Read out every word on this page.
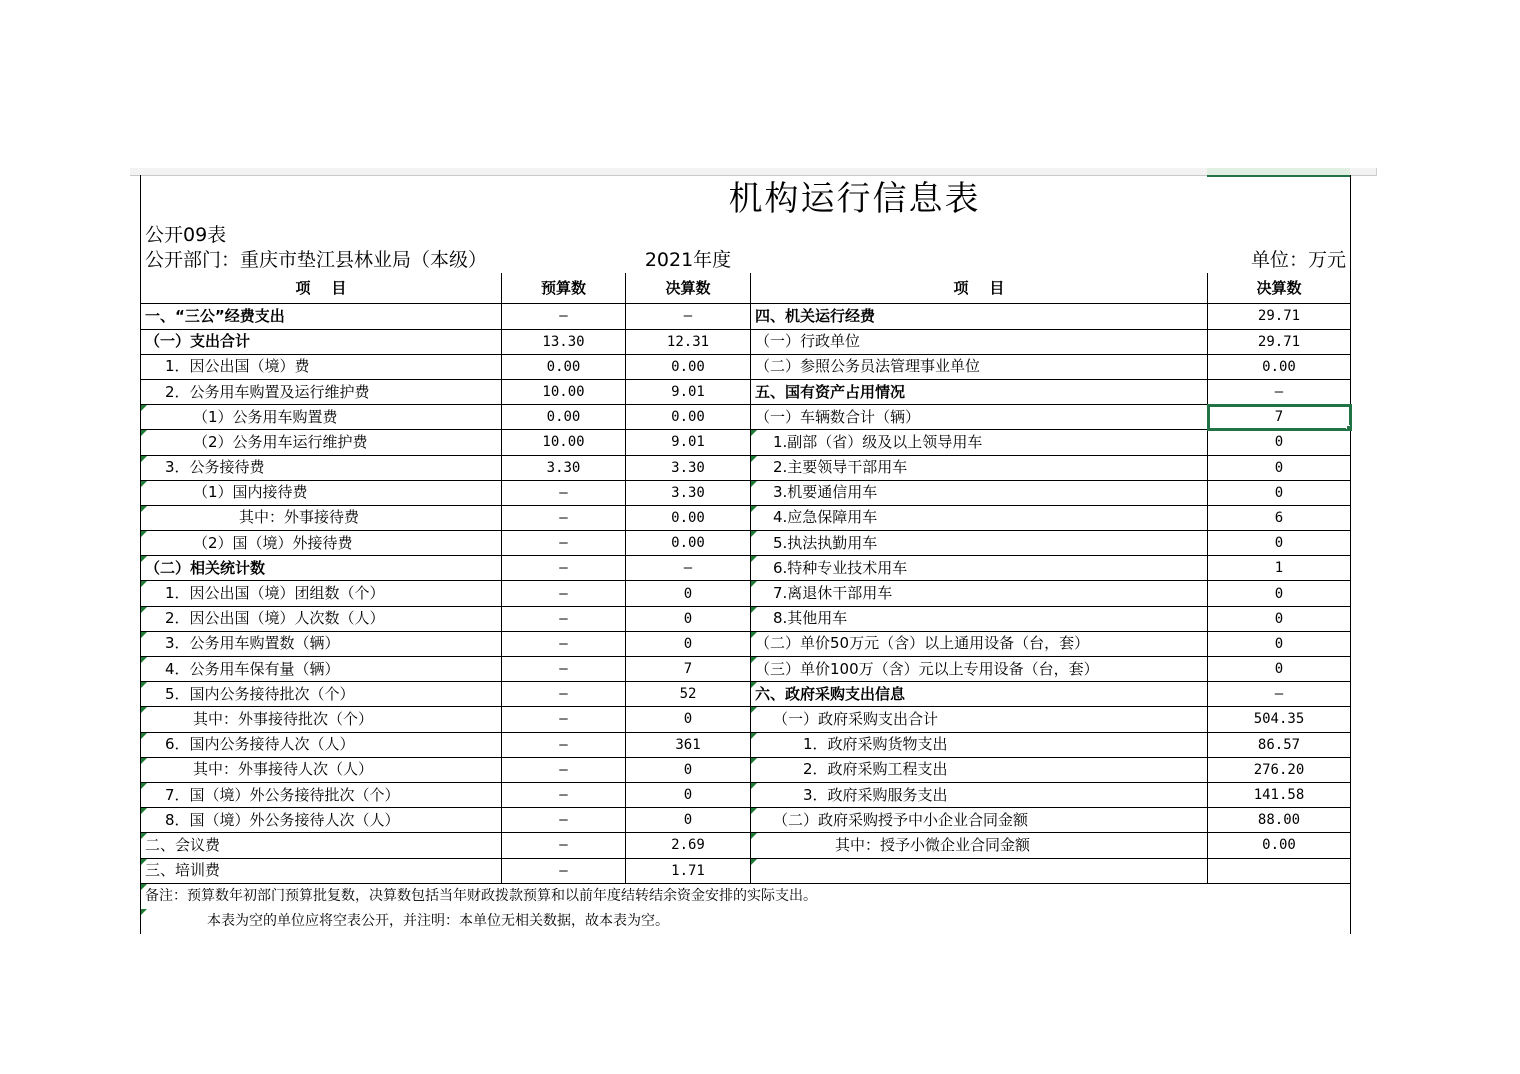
	机构运行信息表			
公开09表				
公开部门：重庆市垫江县林业局（本级）		2021年度		单位：万元
项    目	预算数	决算数	项    目	决算数
一、“三公”经费支出	—	—	四、机关运行经费	29.71
（一）支出合计	13.30	12.31	（一）行政单位	29.71
1．因公出国（境）费	0.00	0.00	（二）参照公务员法管理事业单位	0.00
2．公务用车购置及运行维护费	10.00	9.01	五、国有资产占用情况	—
（1）公务用车购置费	0.00	0.00	（一）车辆数合计（辆）	7
（2）公务用车运行维护费	10.00	9.01	1.副部（省）级及以上领导用车	0
3．公务接待费	3.30	3.30	2.主要领导干部用车	0
（1）国内接待费	—	3.30	3.机要通信用车	0
其中：外事接待费	—	0.00	4.应急保障用车	6
（2）国（境）外接待费	—	0.00	5.执法执勤用车	0
（二）相关统计数	—	—	6.特种专业技术用车	1
1．因公出国（境）团组数（个）	—	0	7.离退休干部用车	0
2．因公出国（境）人次数（人）	—	0	8.其他用车	0
3．公务用车购置数（辆）	—	0	（二）单价50万元（含）以上通用设备（台，套）	0
4．公务用车保有量（辆）	—	7	（三）单价100万（含）元以上专用设备（台，套）	0
5．国内公务接待批次（个）	—	52	六、政府采购支出信息	—
其中：外事接待批次（个）	—	0	（一）政府采购支出合计	504.35
6．国内公务接待人次（人）	—	361	1．政府采购货物支出	86.57
其中：外事接待人次（人）	—	0	2．政府采购工程支出	276.20
7．国（境）外公务接待批次（个）	—	0	3．政府采购服务支出	141.58
8．国（境）外公务接待人次（人）	—	0	（二）政府采购授予中小企业合同金额	88.00
二、会议费	—	2.69	其中：授予小微企业合同金额	0.00
三、培训费	—	1.71		
备注：预算数年初部门预算批复数，决算数包括当年财政拨款预算和以前年度结转结余资金安排的实际支出。				
本表为空的单位应将空表公开，并注明：本单位无相关数据，故本表为空。				
